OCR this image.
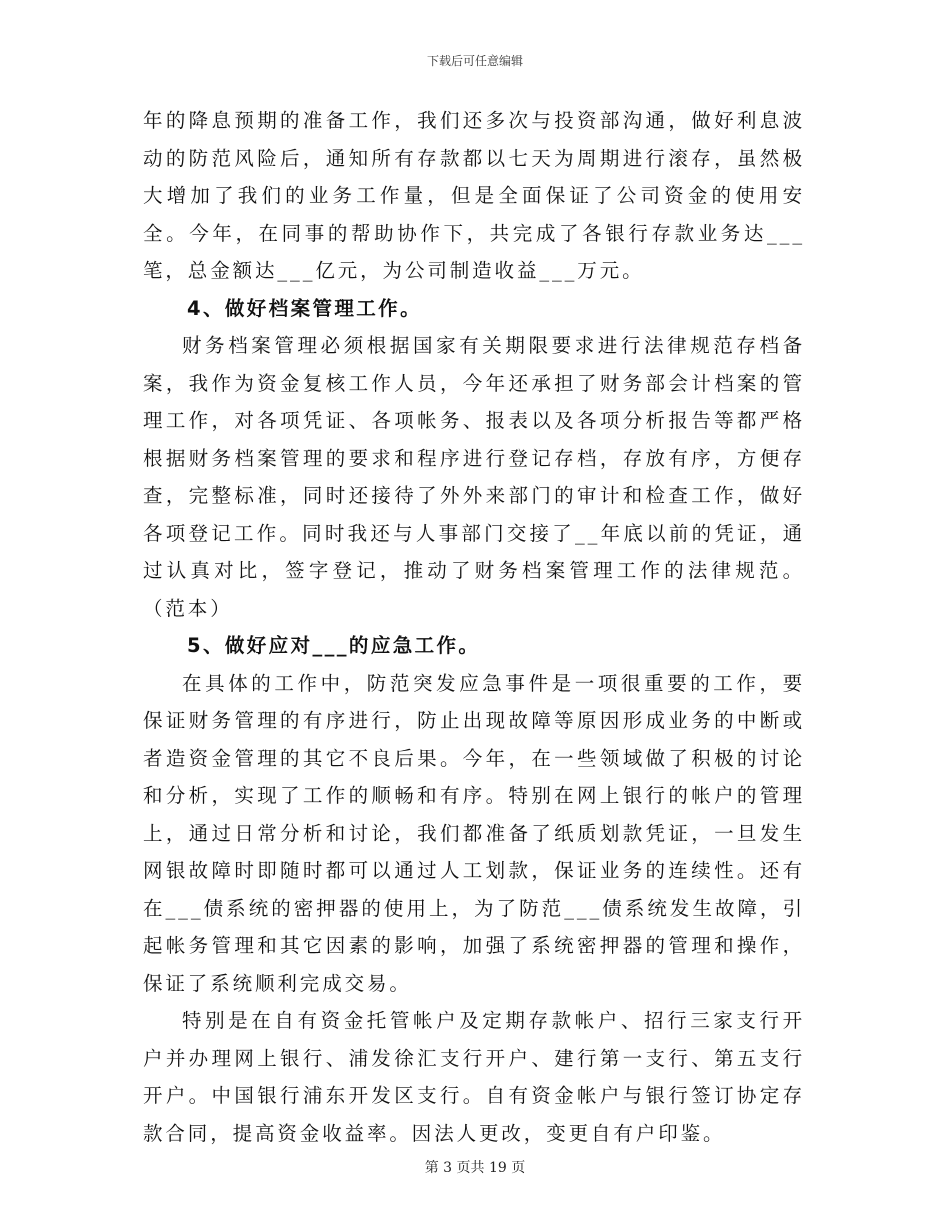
下载后可任意编辑

年的降息预期的准备工作，我们还多次与投资部沟通，做好利息波动的防范风险后，通知所有存款都以七天为周期进行滚存，虽然极大增加了我们的业务工作量，但是全面保证了公司资金的使用安全。今年，在同事的帮助协作下，共完成了各银行存款业务达___笔，总金额达___亿元，为公司制造收益___万元。

4、做好档案管理工作。

财务档案管理必须根据国家有关期限要求进行法律规范存档备案，我作为资金复核工作人员，今年还承担了财务部会计档案的管理工作，对各项凭证、各项帐务、报表以及各项分析报告等都严格根据财务档案管理的要求和程序进行登记存档，存放有序，方便存查，完整标准，同时还接待了外外来部门的审计和检查工作，做好各项登记工作。同时我还与人事部门交接了__年底以前的凭证，通过认真对比，签字登记，推动了财务档案管理工作的法律规范。（范本）

5、做好应对___的应急工作。

在具体的工作中，防范突发应急事件是一项很重要的工作，要保证财务管理的有序进行，防止出现故障等原因形成业务的中断或者造资金管理的其它不良后果。今年，在一些领域做了积极的讨论和分析，实现了工作的顺畅和有序。特别在网上银行的帐户的管理上，通过日常分析和讨论，我们都准备了纸质划款凭证，一旦发生网银故障时即随时都可以通过人工划款，保证业务的连续性。还有在___债系统的密押器的使用上，为了防范___债系统发生故障，引起帐务管理和其它因素的影响，加强了系统密押器的管理和操作，保证了系统顺利完成交易。

特别是在自有资金托管帐户及定期存款帐户、招行三家支行开户并办理网上银行、浦发徐汇支行开户、建行第一支行、第五支行开户。中国银行浦东开发区支行。自有资金帐户与银行签订协定存款合同，提高资金收益率。因法人更改，变更自有户印鉴。

第 3 页共 19 页
